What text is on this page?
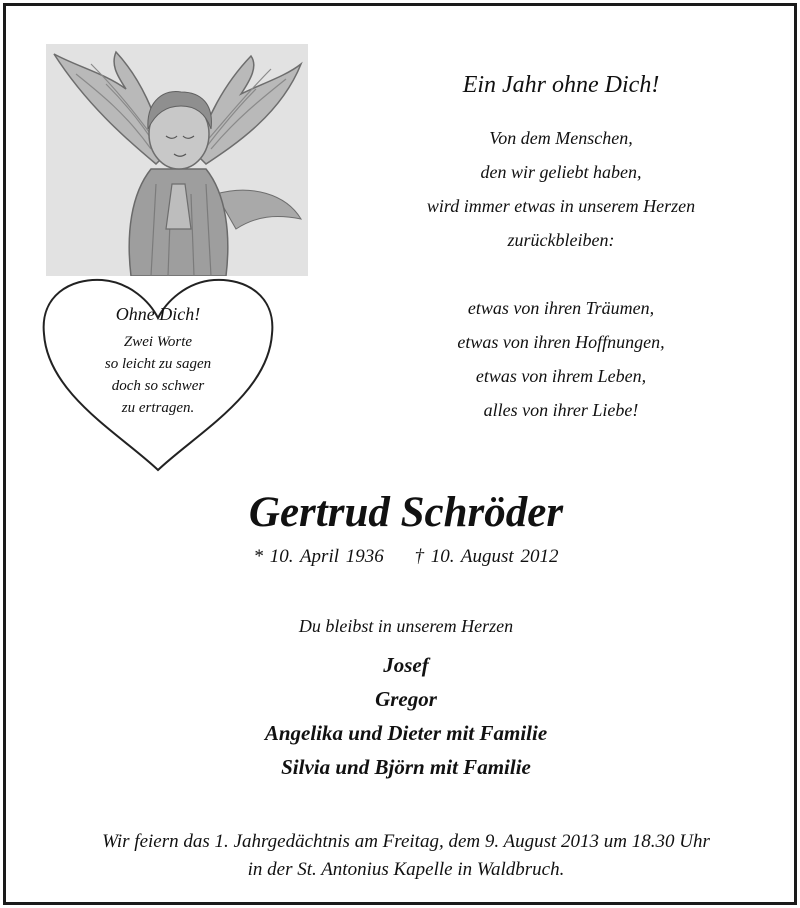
Ohne Dich!
Zwei Worte
so leicht zu sagen
doch so schwer
zu ertragen.
Ein Jahr ohne Dich!
Von dem Menschen,
den wir geliebt haben,
wird immer etwas in unserem Herzen
zurückbleiben:
etwas von ihren Träumen,
etwas von ihren Hoffnungen,
etwas von ihrem Leben,
alles von ihrer Liebe!
Gertrud Schröder
* 10. April 1936 † 10. August 2012
Du bleibst in unserem Herzen
Josef
Gregor
Angelika und Dieter mit Familie
Silvia und Björn mit Familie
Wir feiern das 1. Jahrgedächtnis am Freitag, dem 9. August 2013 um 18.30 Uhr
in der St. Antonius Kapelle in Waldbruch.
